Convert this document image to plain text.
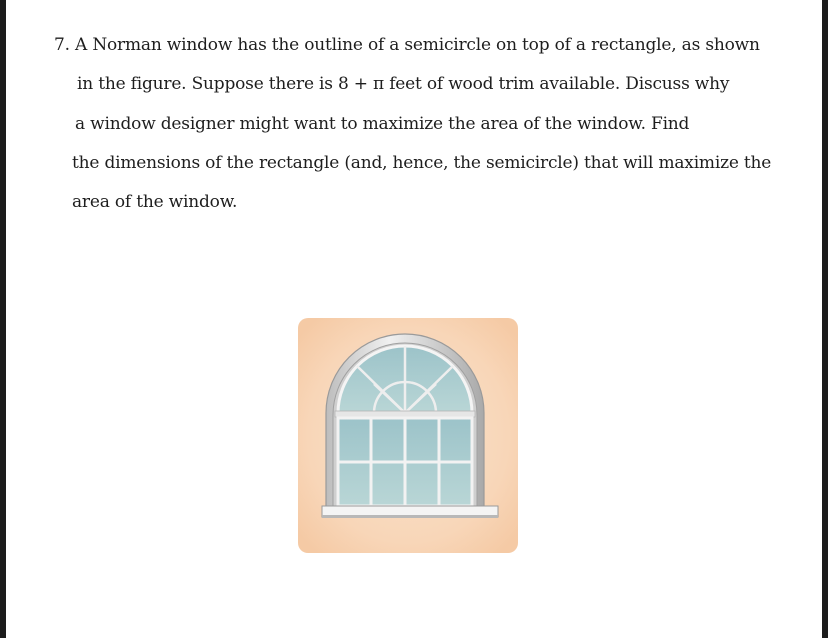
7. A Norman window has the outline of a semicircle on top of a rectangle, as shown
in the figure. Suppose there is 8 + π feet of wood trim available. Discuss why
a window designer might want to maximize the area of the window. Find
the dimensions of the rectangle (and, hence, the semicircle) that will maximize the
area of the window.
